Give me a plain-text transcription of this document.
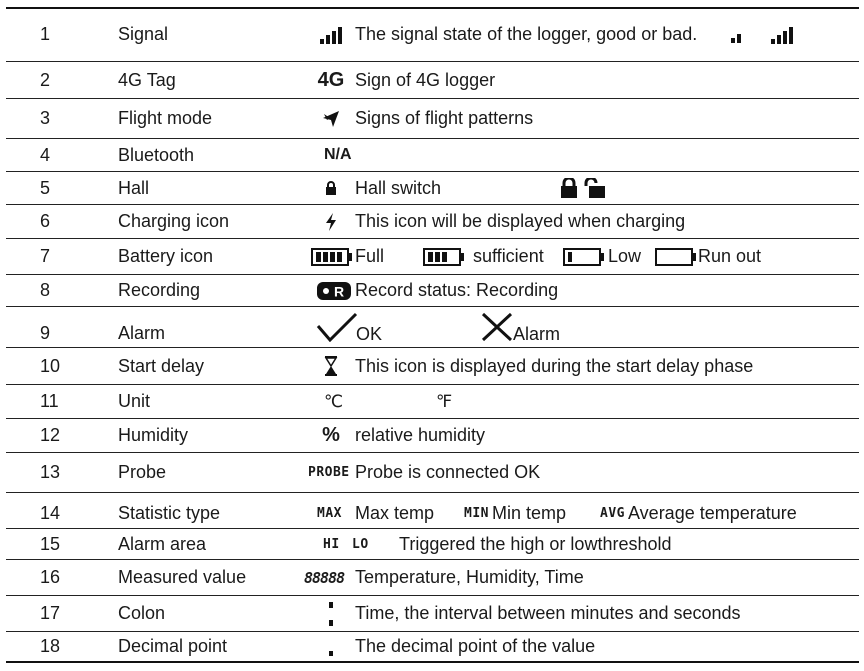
1	Signal	The signal state of the logger, good or bad.
2	4G Tag	4G Sign of 4G logger
3	Flight mode	Signs of flight patterns
4	Bluetooth	N/A
5	Hall	Hall switch
6	Charging icon	This icon will be displayed when charging
7	Battery icon	Full	sufficient	Low	Run out
8	Recording	R Record status: Recording
9	Alarm	OK	Alarm
10	Start delay	This icon is displayed during the start delay phase
11	Unit	℃	℉
12	Humidity	% relative humidity
13	Probe	PROBE Probe is connected OK
14	Statistic type	MAX Max temp MIN Min temp	AVG Average temperature
15	Alarm area	HI LO Triggered the high or lowthreshold
16	Measured value	88888 Temperature, Humidity, Time
17	Colon	Time, the interval between minutes and seconds
18	Decimal point	The decimal point of the value
